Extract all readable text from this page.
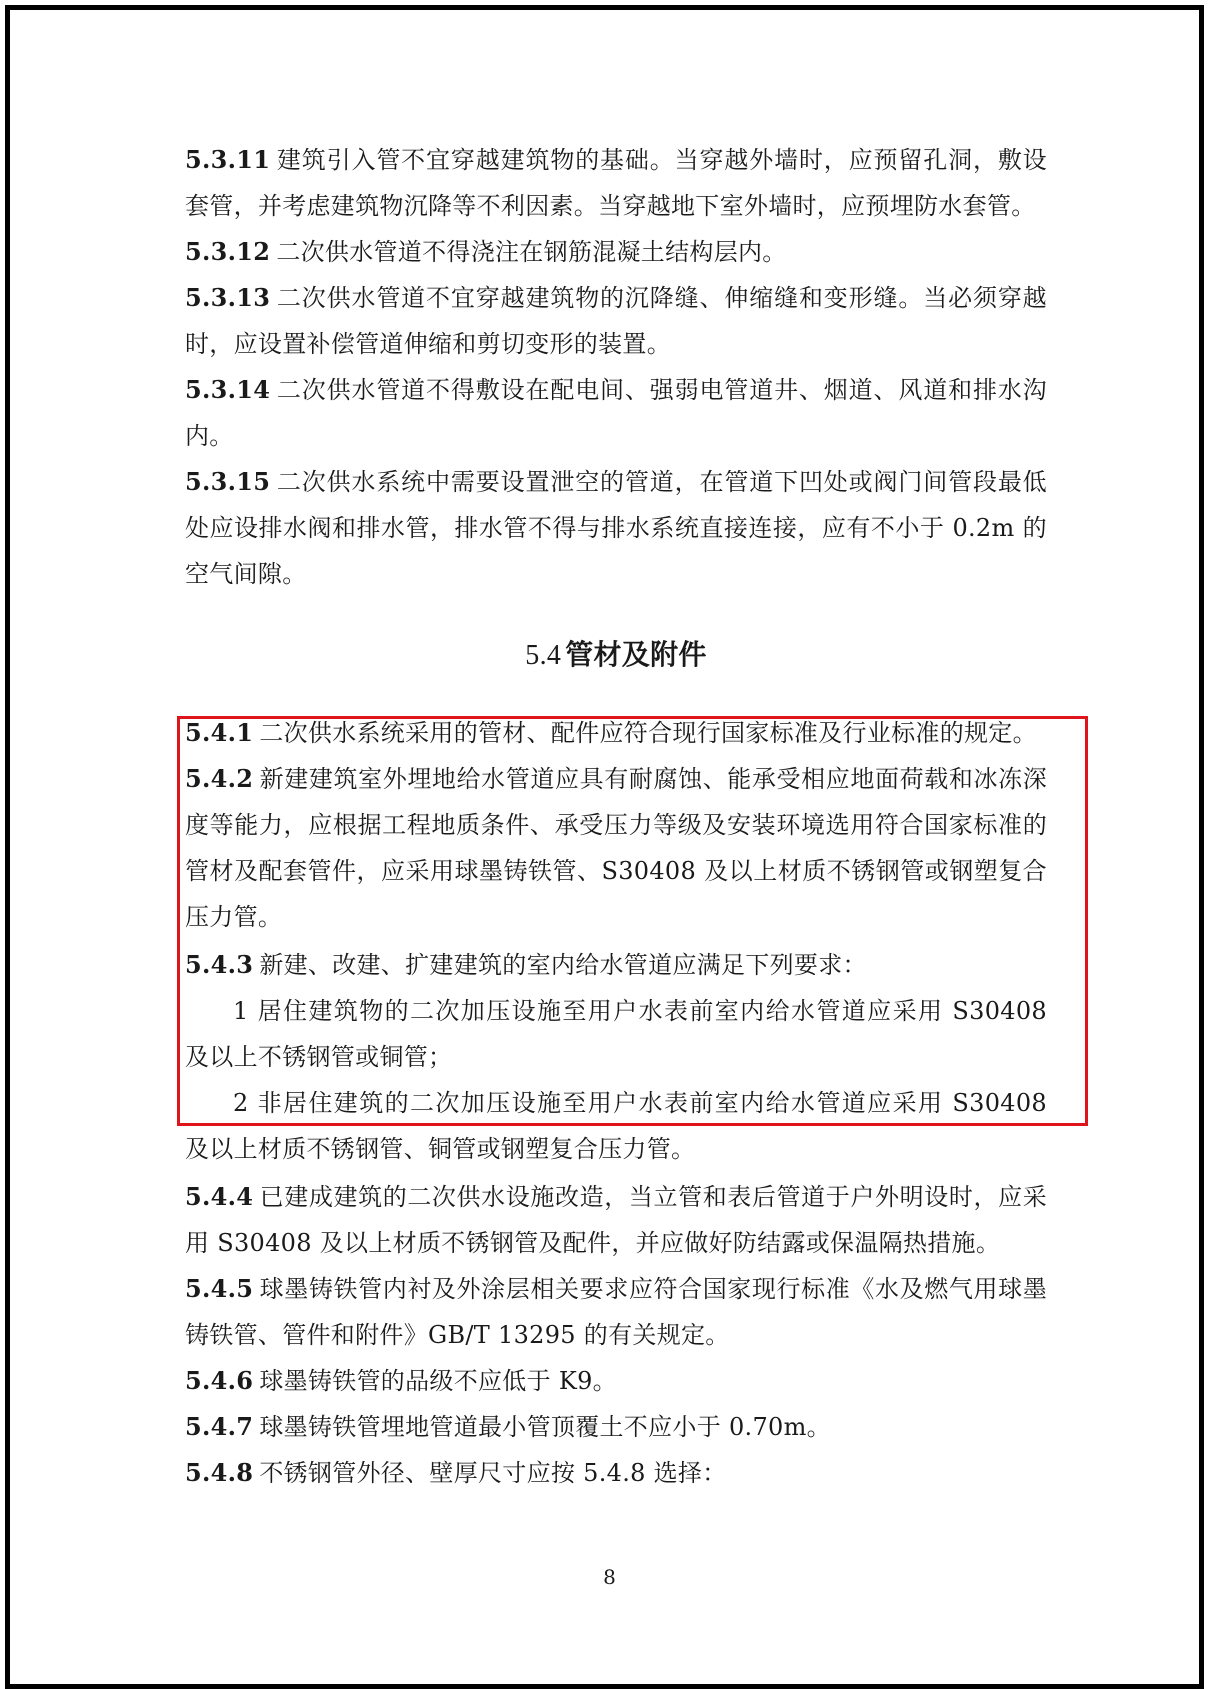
5.3.11 建筑引入管不宜穿越建筑物的基础。当穿越外墙时，应预留孔洞，敷设套管，并考虑建筑物沉降等不利因素。当穿越地下室外墙时，应预埋防水套管。

5.3.12 二次供水管道不得浇注在钢筋混凝土结构层内。

5.3.13 二次供水管道不宜穿越建筑物的沉降缝、伸缩缝和变形缝。当必须穿越时，应设置补偿管道伸缩和剪切变形的装置。

5.3.14 二次供水管道不得敷设在配电间、强弱电管道井、烟道、风道和排水沟内。

5.3.15 二次供水系统中需要设置泄空的管道，在管道下凹处或阀门间管段最低处应设排水阀和排水管，排水管不得与排水系统直接连接，应有不小于 0.2m 的空气间隙。

5.4 管材及附件

5.4.1 二次供水系统采用的管材、配件应符合现行国家标准及行业标准的规定。

5.4.2 新建建筑室外埋地给水管道应具有耐腐蚀、能承受相应地面荷载和冰冻深度等能力，应根据工程地质条件、承受压力等级及安装环境选用符合国家标准的管材及配套管件，应采用球墨铸铁管、S30408 及以上材质不锈钢管或钢塑复合压力管。

5.4.3 新建、改建、扩建建筑的室内给水管道应满足下列要求：

1 居住建筑物的二次加压设施至用户水表前室内给水管道应采用 S30408 及以上不锈钢管或铜管；

2 非居住建筑的二次加压设施至用户水表前室内给水管道应采用 S30408 及以上材质不锈钢管、铜管或钢塑复合压力管。

5.4.4 已建成建筑的二次供水设施改造，当立管和表后管道于户外明设时，应采用 S30408 及以上材质不锈钢管及配件，并应做好防结露或保温隔热措施。

5.4.5 球墨铸铁管内衬及外涂层相关要求应符合国家现行标准《水及燃气用球墨铸铁管、管件和附件》GB/T 13295 的有关规定。

5.4.6 球墨铸铁管的品级不应低于 K9。

5.4.7 球墨铸铁管埋地管道最小管顶覆土不应小于 0.70m。

5.4.8 不锈钢管外径、壁厚尺寸应按 5.4.8 选择：

8
